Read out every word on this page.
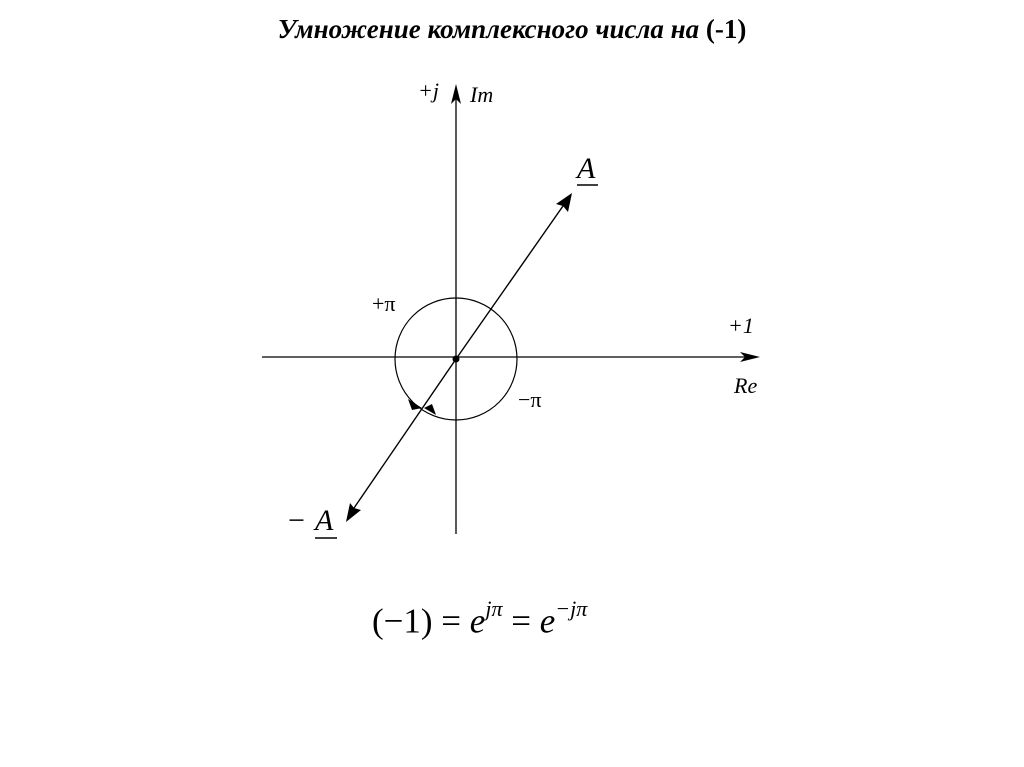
Умножение комплексного числа на (-1)
+j Im
+1
Re
A
− A
+π
−π
$(-1) = e^{j\pi} = e^{-j\pi}$
